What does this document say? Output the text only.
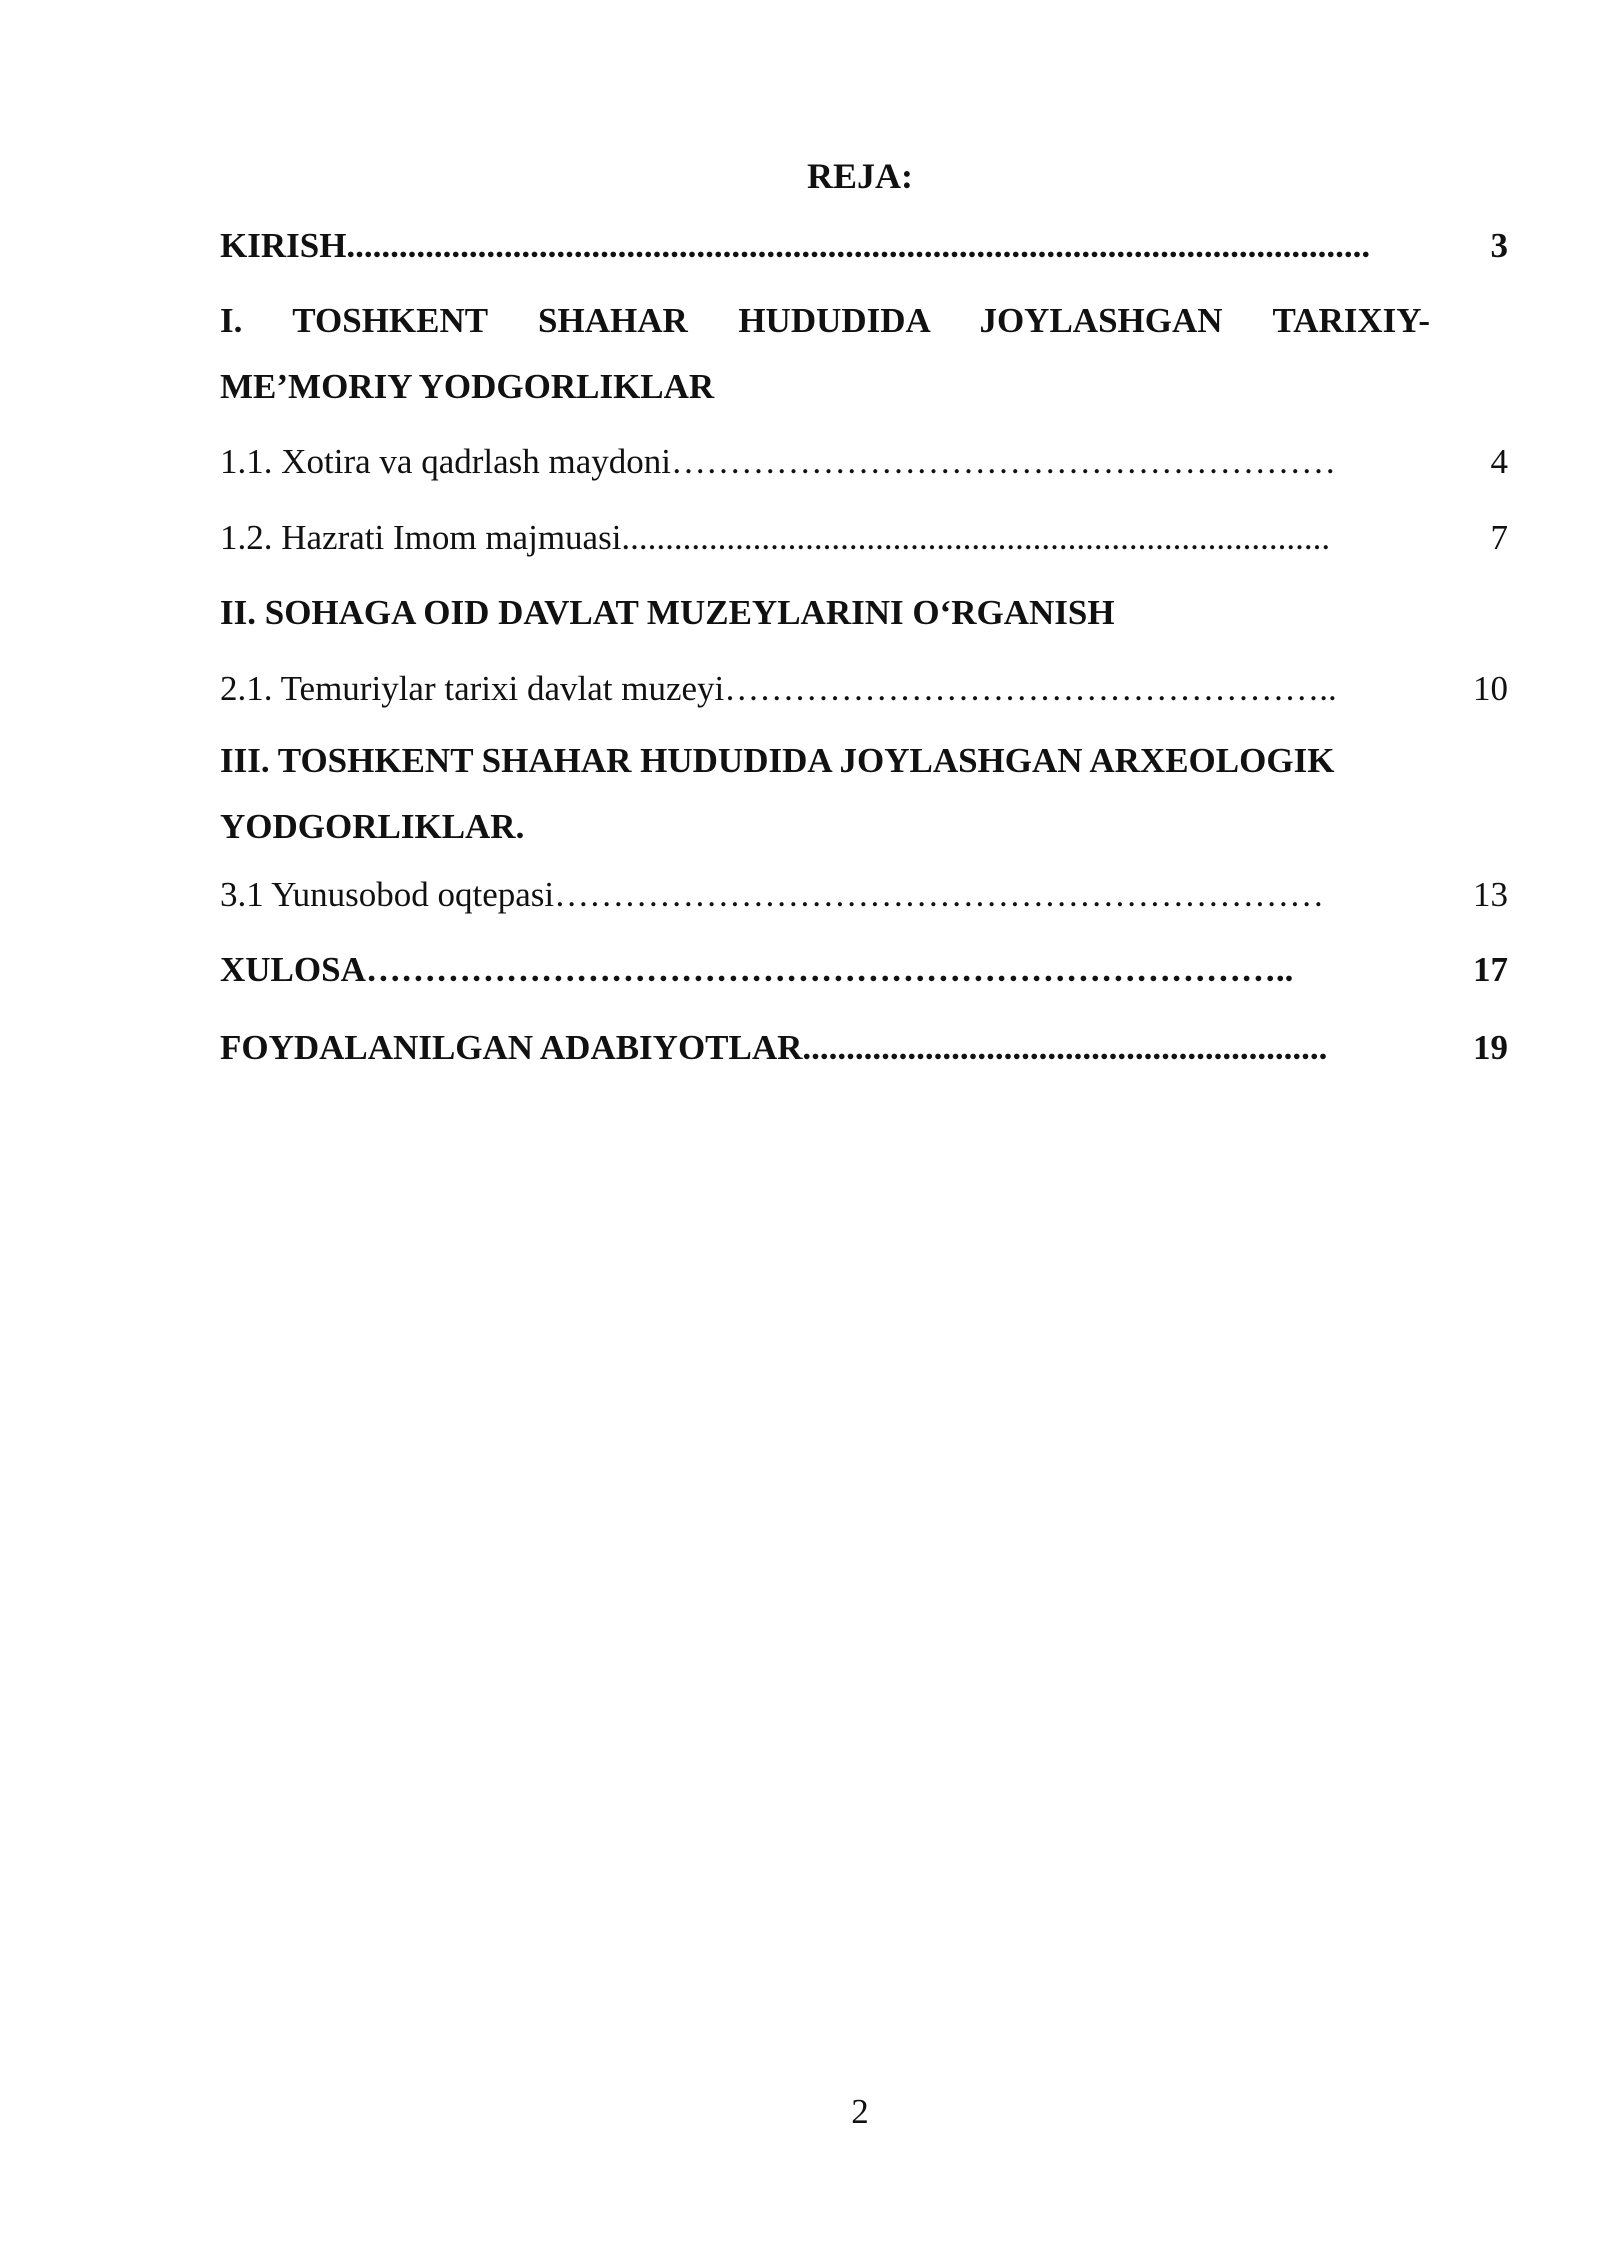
REJA:
KIRISH.....................................................................................................................	3
I. TOSHKENT SHAHAR HUDUDIDA JOYLASHGAN TARIXIY-
ME’MORIY YODGORLIKLAR
1.1. Xotira va qadrlash maydoni…………………………………………………	4
1.2. Hazrati Imom majmuasi.................................................................................	7
II. SOHAGA OID DAVLAT MUZEYLARINI O‘RGANISH
2.1. Temuriylar tarixi davlat muzeyi……………………………………………..	10
III. TOSHKENT SHAHAR HUDUDIDA JOYLASHGAN ARXEOLOGIK
YODGORLIKLAR.
3.1 Yunusobod oqtepasi…………………………………………………………	13
XULOSA……………………………………………………………………..	17
FOYDALANILGAN ADABIYOTLAR............................................................	19
2
